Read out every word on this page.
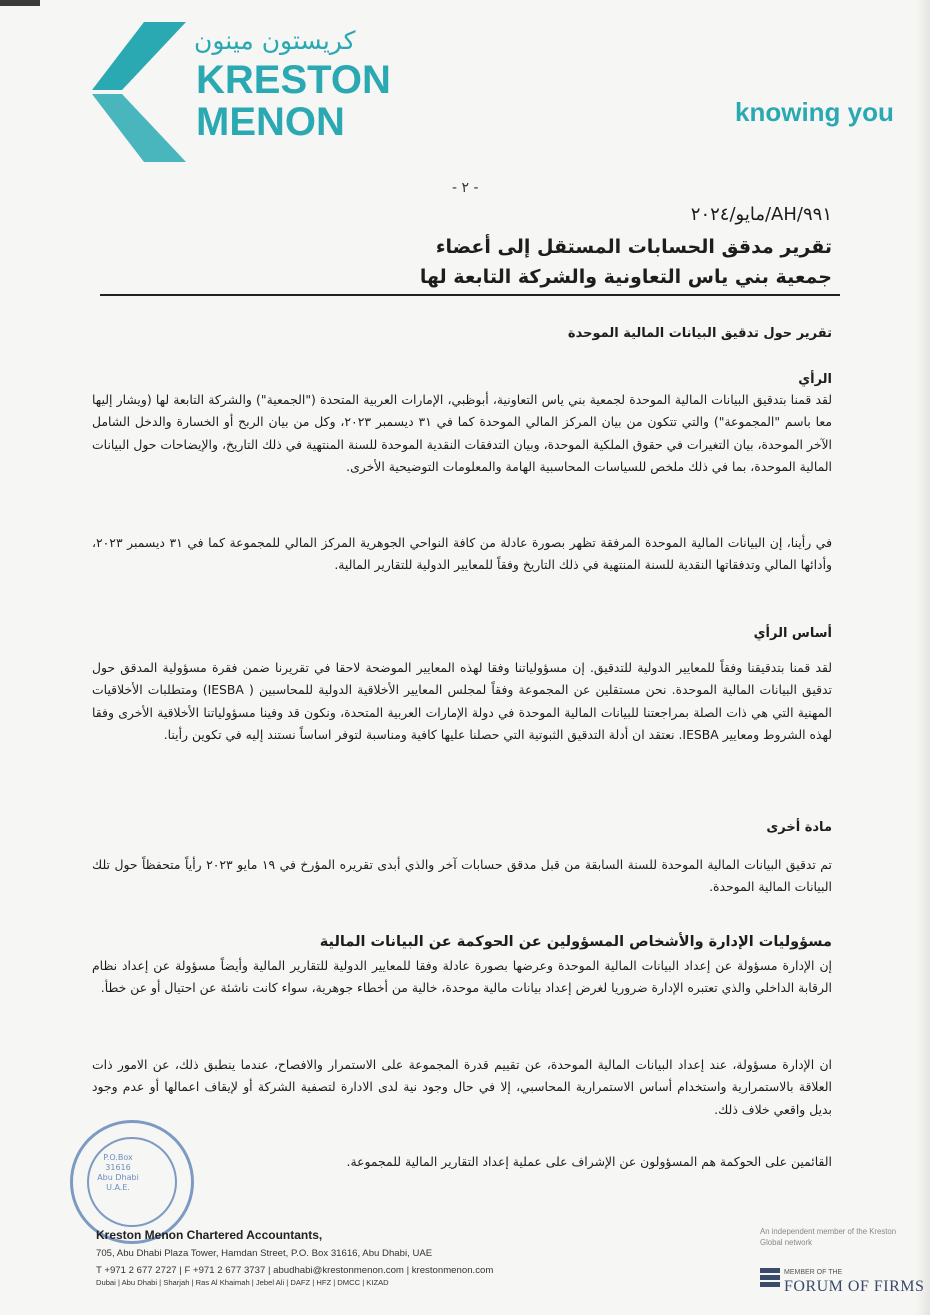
كريستون مينون
KRESTON
MENON	knowing you
- ٢ -
٩٩١/AH/مايو/٢٠٢٤
تقرير مدقق الحسابات المستقل إلى أعضاء
جمعية بني ياس التعاونية والشركة التابعة لها
تقرير حول تدقيق البيانات المالية الموحدة
الرأي
لقد قمنا بتدقيق البيانات المالية الموحدة لجمعية بني ياس التعاونية، أبوظبي، الإمارات العربية المتحدة ("الجمعية") والشركة التابعة لها (ويشار إليها معا باسم "المجموعة") والتي تتكون من بيان المركز المالي الموحدة كما في ٣١ ديسمبر ٢٠٢٣، وكل من بيان الربح أو الخسارة والدخل الشامل الآخر الموحدة، بيان التغيرات في حقوق الملكية الموحدة، وبيان التدفقات النقدية الموحدة للسنة المنتهية في ذلك التاريخ، والإيضاحات حول البيانات المالية الموحدة، بما في ذلك ملخص للسياسات المحاسبية الهامة والمعلومات التوضيحية الأخرى.
في رأينا، إن البيانات المالية الموحدة المرفقة تظهر بصورة عادلة من كافة النواحي الجوهرية المركز المالي للمجموعة كما في ٣١ ديسمبر ٢٠٢٣، وأدائها المالي وتدفقاتها النقدية للسنة المنتهية في ذلك التاريخ وفقاً للمعايير الدولية للتقارير المالية.
أساس الرأي
لقد قمنا بتدقيقنا وفقاً للمعايير الدولية للتدقيق. إن مسؤولياتنا وفقا لهذه المعايير الموضحة لاحقا في تقريرنا ضمن فقرة مسؤولية المدقق حول تدقيق البيانات المالية الموحدة. نحن مستقلين عن المجموعة وفقاً لمجلس المعايير الأخلاقية الدولية للمحاسبين ( IESBA) ومتطلبات الأخلاقيات المهنية التي هي ذات الصلة بمراجعتنا للبيانات المالية الموحدة في دولة الإمارات العربية المتحدة، ونكون قد وفينا مسؤولياتنا الأخلاقية الأخرى وفقا لهذه الشروط ومعايير IESBA. نعتقد ان أدلة التدقيق الثبوتية التي حصلنا عليها كافية ومناسبة لتوفر اساساً نستند إليه في تكوين رأينا.
مادة أخرى
تم تدقيق البيانات المالية الموحدة للسنة السابقة من قبل مدقق حسابات آخر والذي أبدى تقريره المؤرخ في ١٩ مايو ٢٠٢٣ رأياً متحفظاً حول تلك البيانات المالية الموحدة.
مسؤوليات الإدارة والأشخاص المسؤولين عن الحوكمة عن البيانات المالية
إن الإدارة مسؤولة عن إعداد البيانات المالية الموحدة وعرضها بصورة عادلة وفقا للمعايير الدولية للتقارير المالية وأيضاً مسؤولة عن إعداد نظام الرقابة الداخلي والذي تعتبره الإدارة ضروريا لغرض إعداد بيانات مالية موحدة، خالية من أخطاء جوهرية، سواء كانت ناشئة عن احتيال أو عن خطأ.
ان الإدارة مسؤولة، عند إعداد البيانات المالية الموحدة، عن تقييم قدرة المجموعة على الاستمرار والافصاح، عندما ينطبق ذلك، عن الامور ذات العلاقة بالاستمرارية واستخدام أساس الاستمرارية المحاسبي، إلا في حال وجود نية لدى الادارة لتصفية الشركة أو لإيقاف اعمالها أو عدم وجود بديل واقعي خلاف ذلك.
القائمين على الحوكمة هم المسؤولون عن الإشراف على عملية إعداد التقارير المالية للمجموعة.
P.O.Box 31616
Abu Dhabi
U.A.E.
Kreston Menon Chartered Accountants,
705, Abu Dhabi Plaza Tower, Hamdan Street, P.O. Box 31616, Abu Dhabi, UAE
T +971 2 677 2727 | F +971 2 677 3737 | abudhabi@krestonmenon.com | krestonmenon.com
Dubai | Abu Dhabi | Sharjah | Ras Al Khaimah | Jebel Ali | DAFZ | HFZ | DMCC | KIZAD
An independent member of the Kreston Global network
MEMBER OF THE
FORUM OF FIRMS
